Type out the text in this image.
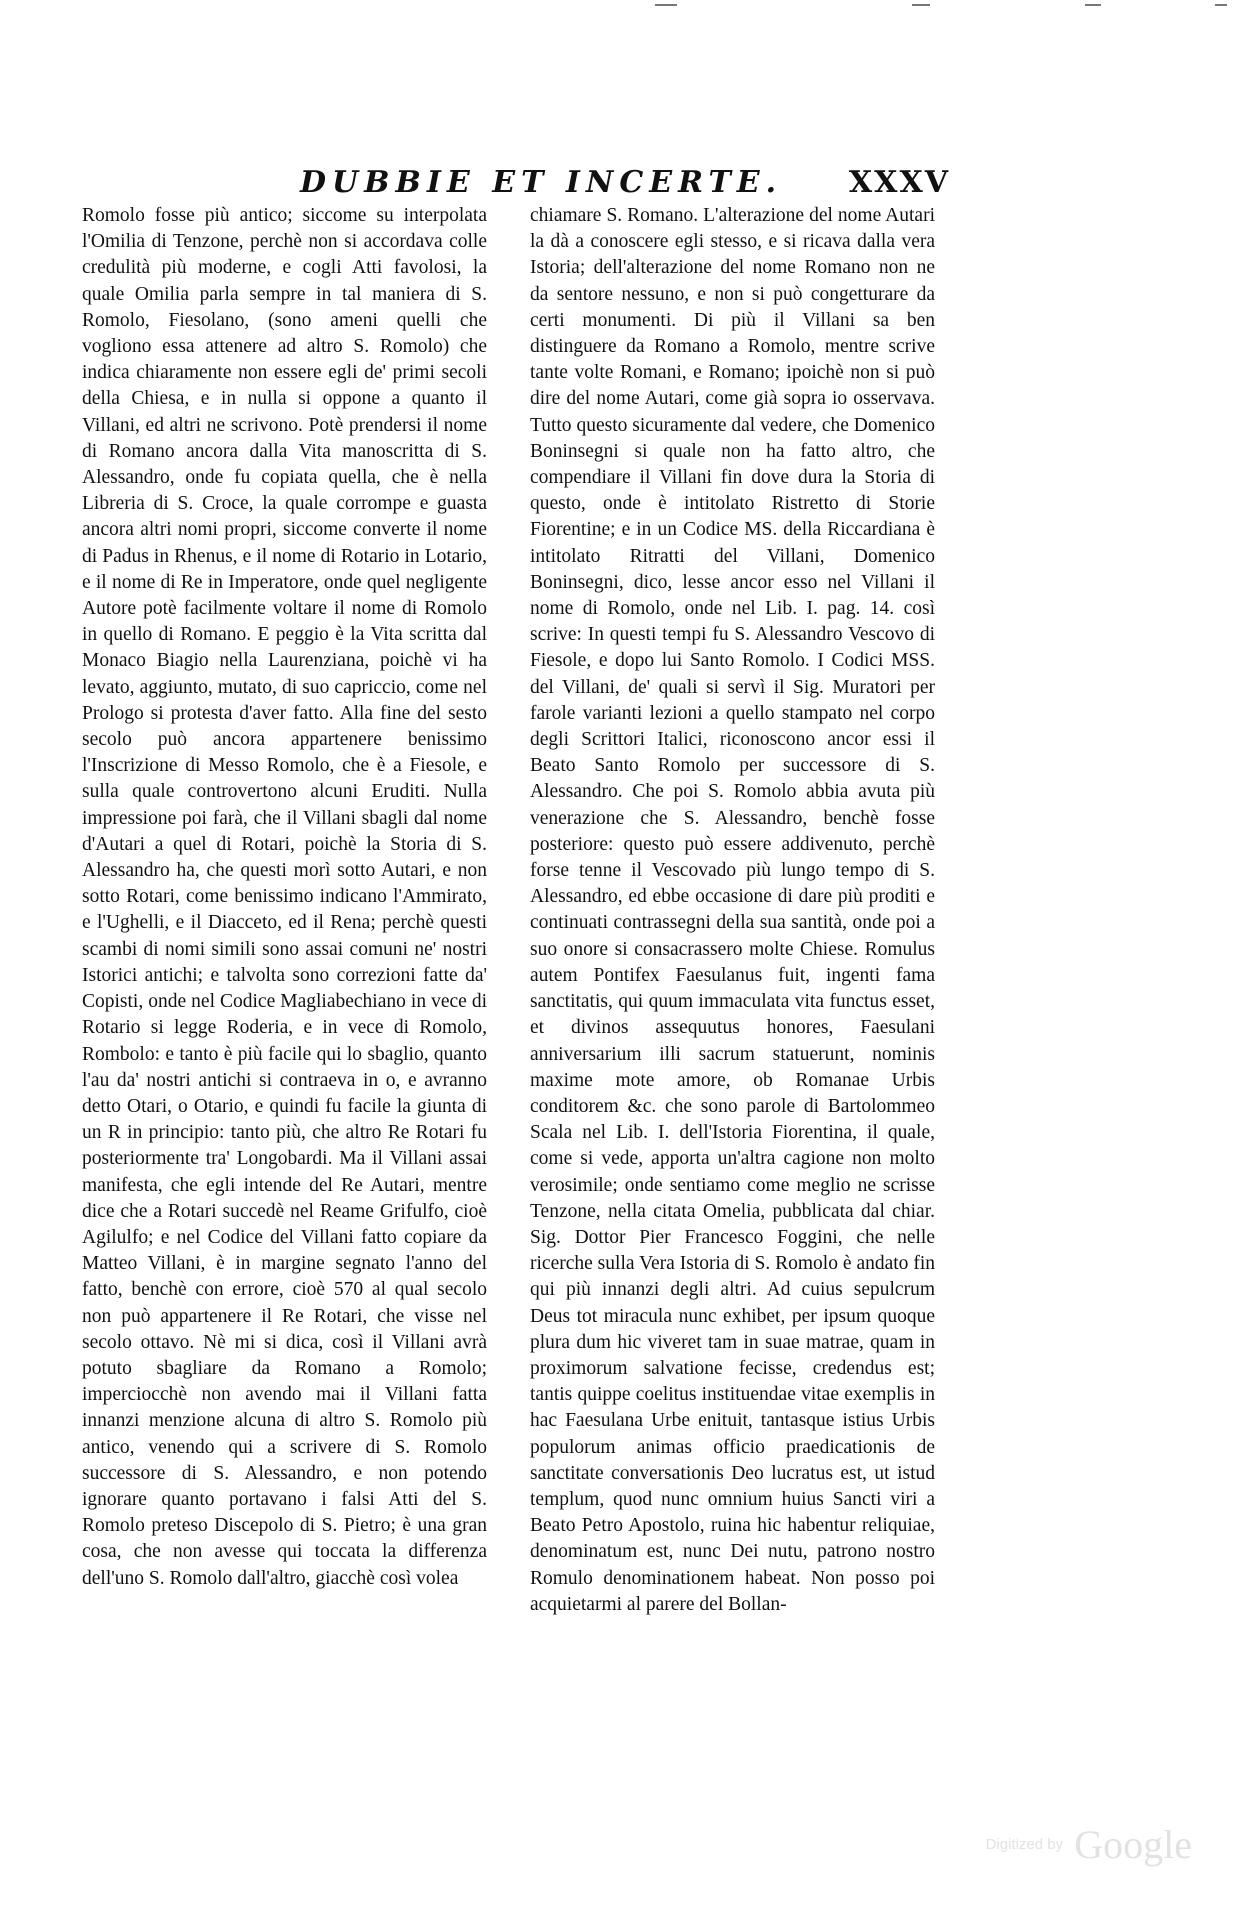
DUBBIE ET INCERTE. XXXV

Romolo fosse più antico; siccome su interpolata l'Omilia di Tenzone, perchè non si accordava colle credulità più moderne, e cogli Atti favolosi, la quale Omilia parla sempre in tal maniera di S. Romolo, Fiesolano, (sono ameni quelli che vogliono essa attenere ad altro S. Romolo) che indica chiaramente non essere egli de' primi secoli della Chiesa, e in nulla si oppone a quanto il Villani, ed altri ne scrivono. Potè prendersi il nome di Romano ancora dalla Vita manoscritta di S. Alessandro, onde fu copiata quella, che è nella Libreria di S. Croce, la quale corrompe e guasta ancora altri nomi propri, siccome converte il nome di Padus in Rhenus, e il nome di Rotario in Lotario, e il nome di Re in Imperatore, onde quel negligente Autore potè facilmente voltare il nome di Romolo in quello di Romano. E peggio è la Vita scritta dal Monaco Biagio nella Laurenziana, poichè vi ha levato, aggiunto, mutato, di suo capriccio, come nel Prologo si protesta d'aver fatto. Alla fine del sesto secolo può ancora appartenere benissimo l'Inscrizione di Messo Romolo, che è a Fiesole, e sulla quale controvertono alcuni Eruditi. Nulla impressione poi farà, che il Villani sbagli dal nome d'Autari a quel di Rotari, poichè la Storia di S. Alessandro ha, che questi morì sotto Autari, e non sotto Rotari, come benissimo indicano l'Ammirato, e l'Ughelli, e il Diacceto, ed il Rena; perchè questi scambi di nomi simili sono assai comuni ne' nostri Istorici antichi; e talvolta sono correzioni fatte da' Copisti, onde nel Codice Magliabechiano in vece di Rotario si legge Roderia, e in vece di Romolo, Rombolo: e tanto è più facile qui lo sbaglio, quanto l'au da' nostri antichi si contraeva in o, e avranno detto Otari, o Otario, e quindi fu facile la giunta di un R in principio: tanto più, che altro Re Rotari fu posteriormente tra' Longobardi. Ma il Villani assai manifesta, che egli intende del Re Autari, mentre dice che a Rotari succedè nel Reame Grifulfo, cioè Agilulfo; e nel Codice del Villani fatto copiare da Matteo Villani, è in margine segnato l'anno del fatto, benchè con errore, cioè 570 al qual secolo non può appartenere il Re Rotari, che visse nel secolo ottavo. Nè mi si dica, così il Villani avrà potuto sbagliare da Romano a Romolo; imperciocchè non avendo mai il Villani fatta innanzi menzione alcuna di altro S. Romolo più antico, venendo qui a scrivere di S. Romolo successore di S. Alessandro, e non potendo ignorare quanto portavano i falsi Atti del S. Romolo preteso Discepolo di S. Pietro; è una gran cosa, che non avesse qui toccata la differenza dell'uno S. Romolo dall'altro, giacchè così volea

chiamare S. Romano. L'alterazione del nome Autari la dà a conoscere egli stesso, e si ricava dalla vera Istoria; dell'alterazione del nome Romano non ne da sentore nessuno, e non si può congetturare da certi monumenti. Di più il Villani sa ben distinguere da Romano a Romolo, mentre scrive tante volte Romani, e Romano; ipoichè non si può dire del nome Autari, come già sopra io osservava. Tutto questo sicuramente dal vedere, che Domenico Boninsegni si quale non ha fatto altro, che compendiare il Villani fin dove dura la Storia di questo, onde è intitolato Ristretto di Storie Fiorentine; e in un Codice MS. della Riccardiana è intitolato Ritratti del Villani, Domenico Boninsegni, dico, lesse ancor esso nel Villani il nome di Romolo, onde nel Lib. I. pag. 14. così scrive: In questi tempi fu S. Alessandro Vescovo di Fiesole, e dopo lui Santo Romolo. I Codici MSS. del Villani, de' quali si servì il Sig. Muratori per farole varianti lezioni a quello stampato nel corpo degli Scrittori Italici, riconoscono ancor essi il Beato Santo Romolo per successore di S. Alessandro. Che poi S. Romolo abbia avuta più venerazione che S. Alessandro, benchè fosse posteriore: questo può essere addivenuto, perchè forse tenne il Vescovado più lungo tempo di S. Alessandro, ed ebbe occasione di dare più proditi e continuati contrassegni della sua santità, onde poi a suo onore si consacrassero molte Chiese. Romulus autem Pontifex Faesulanus fuit, ingenti fama sanctitatis, qui quum immaculata vita functus esset, et divinos assequutus honores, Faesulani anniversarium illi sacrum statuerunt, nominis maxime mote amore, ob Romanae Urbis conditorem &c. che sono parole di Bartolommeo Scala nel Lib. I. dell'Istoria Fiorentina, il quale, come si vede, apporta un'altra cagione non molto verosimile; onde sentiamo come meglio ne scrisse Tenzone, nella citata Omelia, pubblicata dal chiar. Sig. Dottor Pier Francesco Foggini, che nelle ricerche sulla Vera Istoria di S. Romolo è andato fin qui più innanzi degli altri. Ad cuius sepulcrum Deus tot miracula nunc exhibet, per ipsum quoque plura dum hic viveret tam in suae matrae, quam in proximorum salvatione fecisse, credendus est; tantis quippe coelitus instituendae vitae exemplis in hac Faesulana Urbe enituit, tantasque istius Urbis populorum animas officio praedicationis de sanctitate conversationis Deo lucratus est, ut istud templum, quod nunc omnium huius Sancti viri a Beato Petro Apostolo, ruina hic habentur reliquiae, denominatum est, nunc Dei nutu, patrono nostro Romulo denominationem habeat. Non posso poi acquietarmi al parere del Bollan-

Digitized by Google
